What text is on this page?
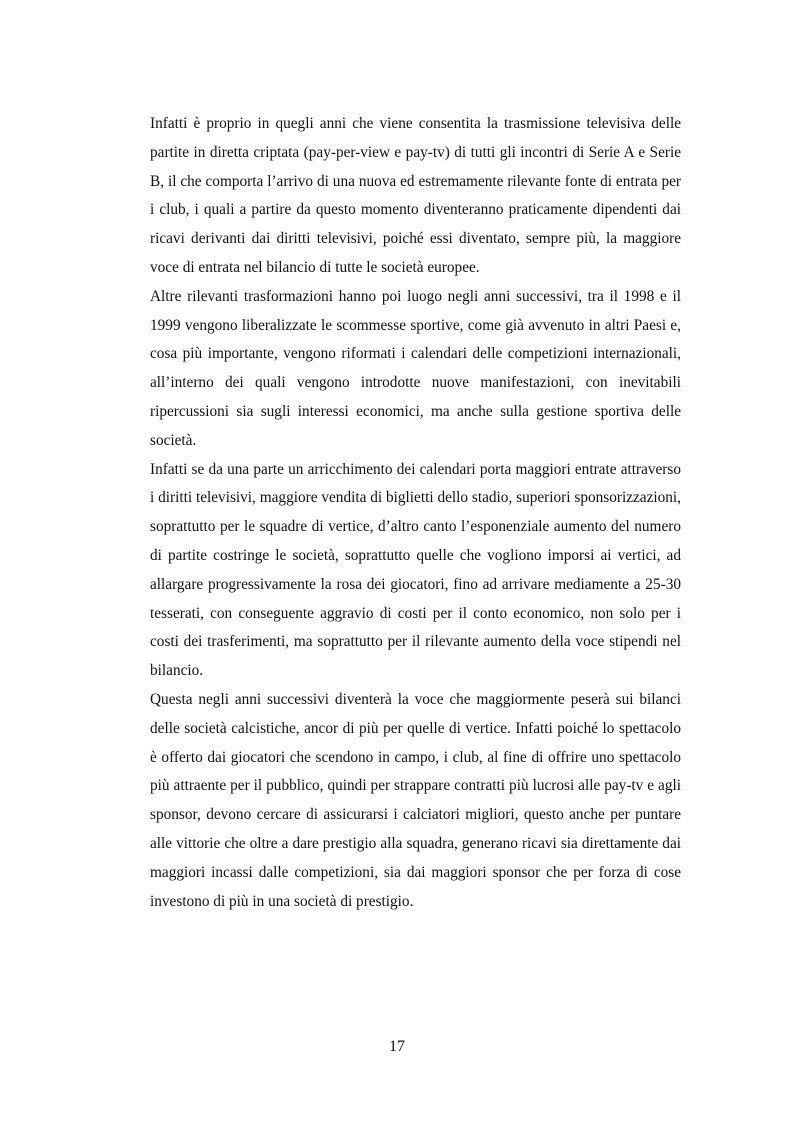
Infatti è proprio in quegli anni che viene consentita la trasmissione televisiva delle partite in diretta criptata (pay-per-view e pay-tv) di tutti gli incontri di Serie A e Serie B, il che comporta l’arrivo di una nuova ed estremamente rilevante fonte di entrata per i club, i quali a partire da questo momento diventeranno praticamente dipendenti dai ricavi derivanti dai diritti televisivi, poiché essi diventato, sempre più, la maggiore voce di entrata nel bilancio di tutte le società europee.

Altre rilevanti trasformazioni hanno poi luogo negli anni successivi, tra il 1998 e il 1999 vengono liberalizzate le scommesse sportive, come già avvenuto in altri Paesi e, cosa più importante, vengono riformati i calendari delle competizioni internazionali, all’interno dei quali vengono introdotte nuove manifestazioni, con inevitabili ripercussioni sia sugli interessi economici, ma anche sulla gestione sportiva delle società.

Infatti se da una parte un arricchimento dei calendari porta maggiori entrate attraverso i diritti televisivi, maggiore vendita di biglietti dello stadio, superiori sponsorizzazioni, soprattutto per le squadre di vertice, d’altro canto l’esponenziale aumento del numero di partite costringe le società, soprattutto quelle che vogliono imporsi ai vertici, ad allargare progressivamente la rosa dei giocatori, fino ad arrivare mediamente a 25-30 tesserati, con conseguente aggravio di costi per il conto economico, non solo per i costi dei trasferimenti, ma soprattutto per il rilevante aumento della voce stipendi nel bilancio.

Questa negli anni successivi diventerà la voce che maggiormente peserà sui bilanci delle società calcistiche, ancor di più per quelle di vertice. Infatti poiché lo spettacolo è offerto dai giocatori che scendono in campo, i club, al fine di offrire uno spettacolo più attraente per il pubblico, quindi per strappare contratti più lucrosi alle pay-tv e agli sponsor, devono cercare di assicurarsi i calciatori migliori, questo anche per puntare alle vittorie che oltre a dare prestigio alla squadra, generano ricavi sia direttamente dai maggiori incassi dalle competizioni, sia dai maggiori sponsor che per forza di cose investono di più in una società di prestigio.

17
